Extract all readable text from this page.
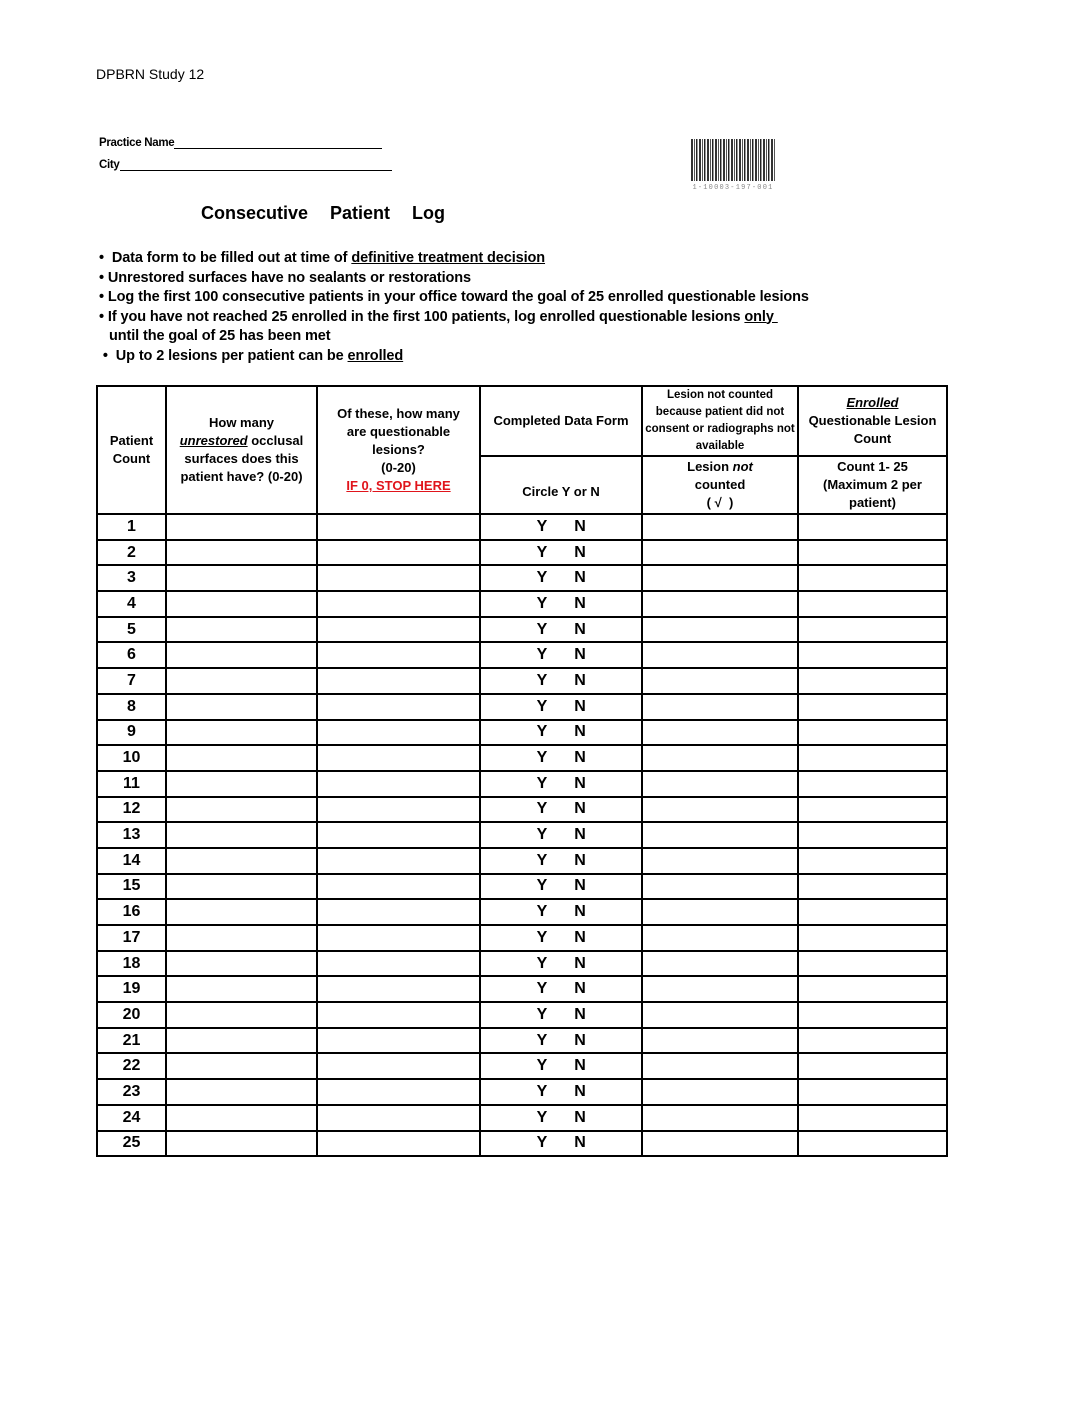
DPBRN Study 12
Practice Name
City
1-10003-197-001
Consecutive  Patient  Log
•  Data form to be filled out at time of definitive treatment decision
• Unrestored surfaces have no sealants or restorations
• Log the first 100 consecutive patients in your office toward the goal of 25 enrolled questionable lesions
• If you have not reached 25 enrolled in the first 100 patients, log enrolled questionable lesions only
until the goal of 25 has been met
•  Up to 2 lesions per patient can be enrolled
Patient Count	How many
unrestored occlusal surfaces does this patient have? (0-20)	Of these, how many are questionable lesions?
(0-20)
IF 0, STOP HERE	Completed Data Form	Lesion not counted because patient did not consent or radiographs not available	Enrolled
Questionable Lesion Count
			Circle Y or N	Lesion not
counted
( √  )	Count 1- 25 (Maximum 2 per patient)
1			Y N		
2			Y N		
3			Y N		
4			Y N		
5			Y N		
6			Y N		
7			Y N		
8			Y N		
9			Y N		
10			Y N		
11			Y N		
12			Y N		
13			Y N		
14			Y N		
15			Y N		
16			Y N		
17			Y N		
18			Y N		
19			Y N		
20			Y N		
21			Y N		
22			Y N		
23			Y N		
24			Y N		
25			Y N		
